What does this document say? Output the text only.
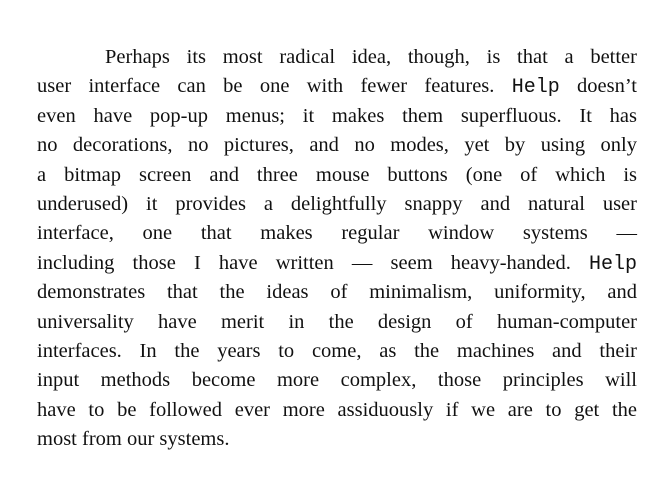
Perhaps its most radical idea, though, is that a better
user interface can be one with fewer features. Help doesn’t
even have pop-up menus; it makes them superfluous. It has
no decorations, no pictures, and no modes, yet by using only
a bitmap screen and three mouse buttons (one of which is
underused) it provides a delightfully snappy and natural user
interface, one that makes regular window systems —
including those I have written — seem heavy-handed. Help
demonstrates that the ideas of minimalism, uniformity, and
universality have merit in the design of human-computer
interfaces. In the years to come, as the machines and their
input methods become more complex, those principles will
have to be followed ever more assiduously if we are to get the
most from our systems.
